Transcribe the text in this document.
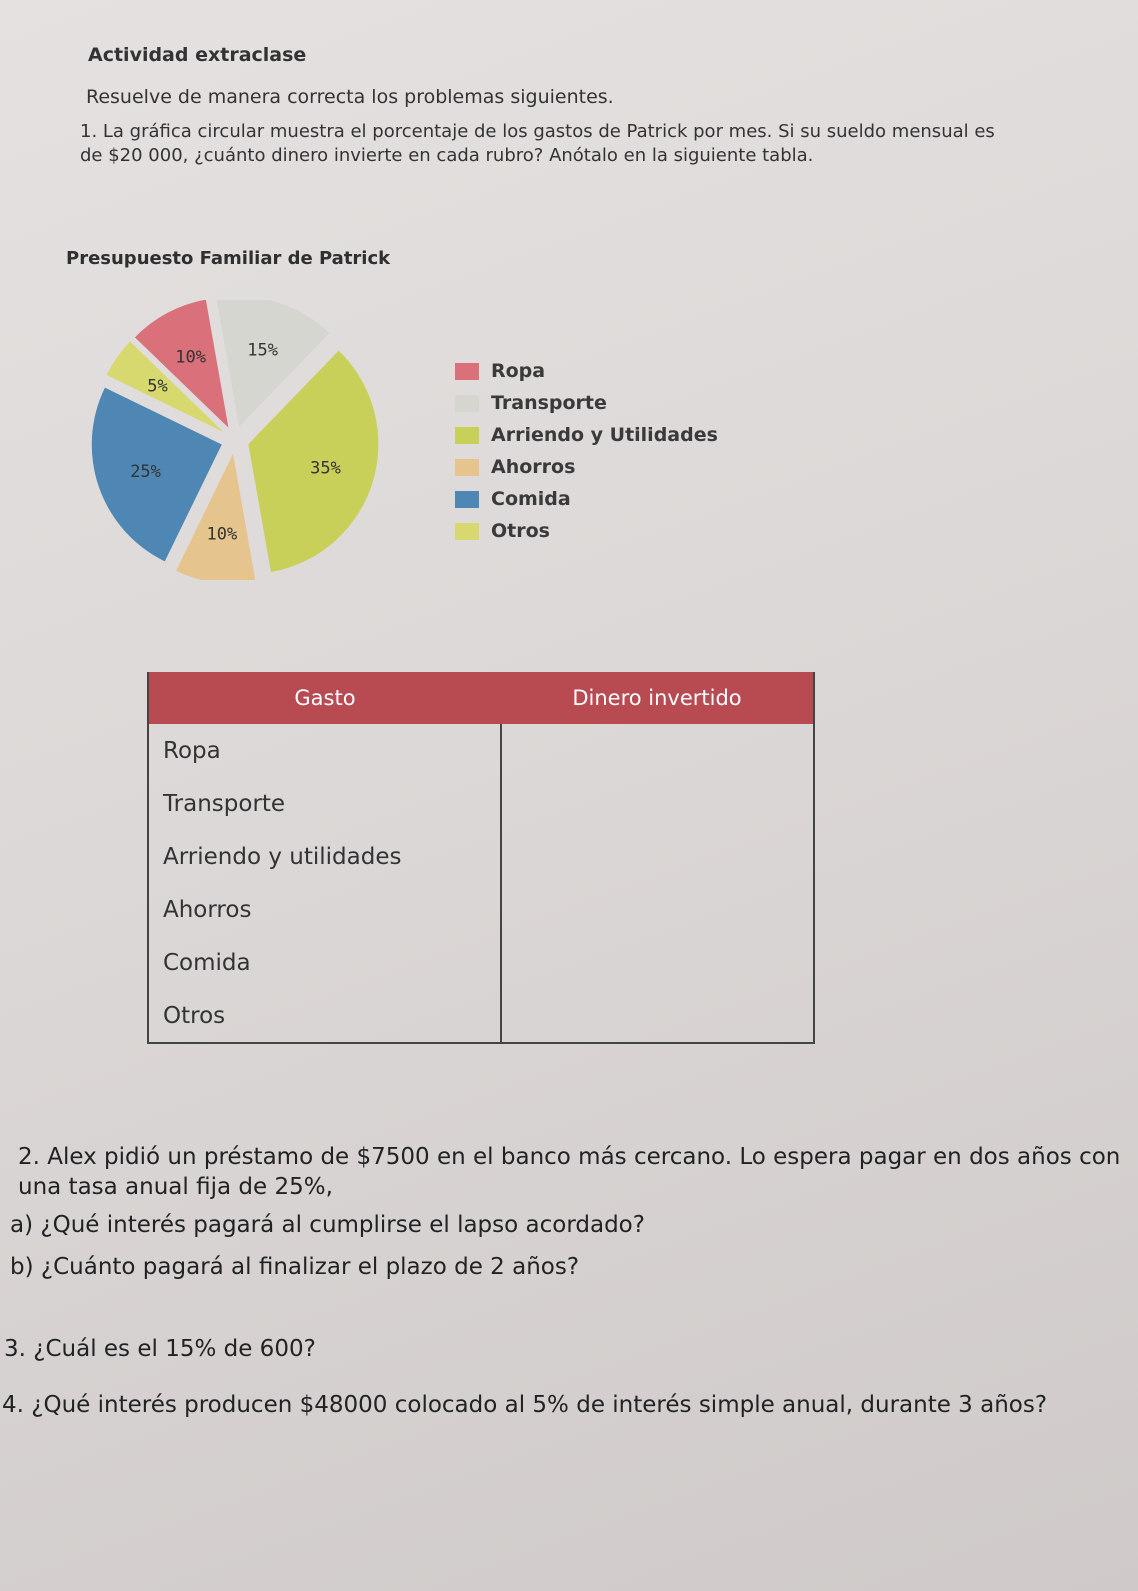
Actividad extraclase
Resuelve de manera correcta los problemas siguientes.
1. La gráfica circular muestra el porcentaje de los gastos de Patrick por mes. Si su sueldo mensual es de $20 000, ¿cuánto dinero invierte en cada rubro? Anótalo en la siguiente tabla.
Presupuesto Familiar de Patrick
15%
35%
10%
25%
5%
10%
Ropa
Transporte
Arriendo y Utilidades
Ahorros
Comida
Otros
Gasto	Dinero invertido
Ropa	
Transporte	
Arriendo y utilidades	
Ahorros	
Comida	
Otros	
2. Alex pidió un préstamo de $7500 en el banco más cercano. Lo espera pagar en dos años con una tasa anual fija de 25%,
a) ¿Qué interés pagará al cumplirse el lapso acordado?
b) ¿Cuánto pagará al finalizar el plazo de 2 años?
3. ¿Cuál es el 15% de 600?
4. ¿Qué interés producen $48000 colocado al 5% de interés simple anual, durante 3 años?
